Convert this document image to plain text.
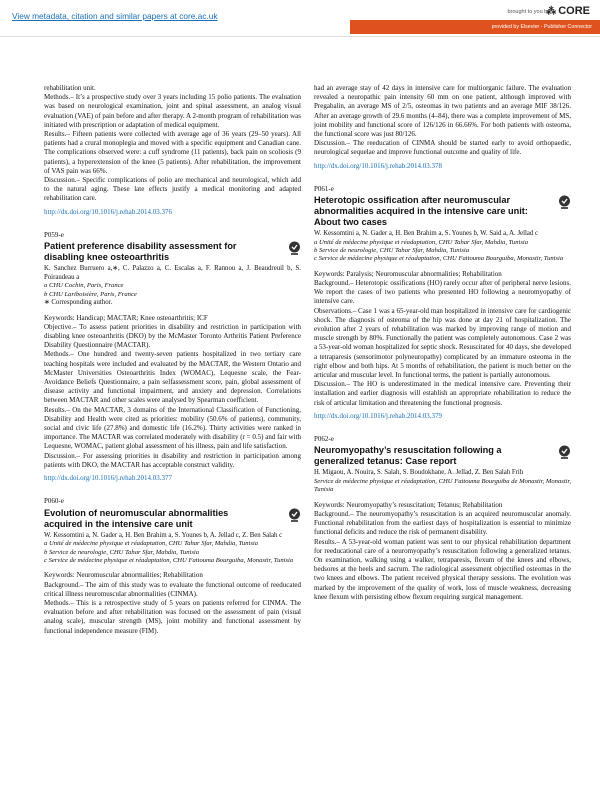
View metadata, citation and similar papers at core.ac.uk	brought to you by
⁂ CORE
provided by Elsevier - Publisher Connector

rehabilitation unit.

Methods.– It’s a prospective study over 3 years including 15 polio patients. The evaluation was based on neurological examination, joint and spinal assessment, an analog visual evaluation (VAE) of pain before and after therapy. A 2-month program of rehabilitation was initiated with prescription or adaptation of medical equipment.

Results.– Fifteen patients were collected with average age of 36 years (29–50 years). All patients had a crural monoplegia and moved with a specific equipment and Canadian cane. The complications observed were: a cuff syndrome (11 patients), back pain on scoliosis (9 patients), a hyperextension of the knee (5 patients). After rehabilitation, the improvement of VAS pain was 66%.

Discussion.– Specific complications of polio are mechanical and neurological, which add to the natural aging. These late effects justify a medical monitoring and adapted rehabilitation care.

http://dx.doi.org/10.1016/j.rehab.2014.03.376
P059-e
Patient preference disability assessment for disabling knee osteoarthritis

K. Sanchez Burruero a,∗, C. Palazzo a, C. Escalas a, F. Rannou a, J. Beaudreuil b, S. Poiraudeau a

a CHU Cochin, Paris, France

b CHU Lariboisière, Paris, France

∗ Corresponding author.

Keywords: Handicap; MACTAR; Knee osteoarthritis; ICF

Objective.– To assess patient priorities in disability and restriction in participation with disabling knee osteoarthritis (DKO) by the McMaster Toronto Arthritis Patient Preference Disability Questionnaire (MACTAR).

Methods.– One hundred and twenty-seven patients hospitalized in two tertiary care teaching hospitals were included and evaluated by the MACTAR, the Western Ontario and McMaster Universities Osteoarthritis Index (WOMAC), Lequesne scale, the Fear-Avoidance Beliefs Questionnaire, a pain selfassessment score, pain, global assessment of disease activity and functional impairment, and anxiety and depression. Correlations between MACTAR and other scales were analysed by Spearman coefficient.

Results.– On the MACTAR, 3 domains of the International Classification of Functioning, Disability and Health were cited as priorities: mobility (50.6% of patients), community, social and civic life (27.8%) and domestic life (16.2%). Thirty activities were ranked in importance. The MACTAR was correlated moderately with disability (r = 0.5) and fair with Lequesne, WOMAC, patient global assessment of his illness, pain and life satisfaction.

Discussion.– For assessing priorities in disability and restriction in participation among patients with DKO, the MACTAR has acceptable construct validity.

http://dx.doi.org/10.1016/j.rehab.2014.03.377
P060-e
Evolution of neuromuscular abnormalities acquired in the intensive care unit

W. Kessomtini a, N. Gader a, H. Ben Brahim a, S. Younes b, A. Jellad c, Z. Ben Salah c

a Unité de médecine physique et réadaptation, CHU Tahar Sfar, Mahdia, Tunisia

b Service de neurologie, CHU Tahar Sfar, Mahdia, Tunisia

c Service de médecine physique et réadaptation, CHU Fattouma Bourguiba, Monastir, Tunisia

Keywords: Neuromuscular abnormalities; Rehabilitation

Background.– The aim of this study was to evaluate the functional outcome of reeducated critical illness neuromuscular abnormalities (CINMA).

Methods.– This is a retrospective study of 5 years on patients referred for CINMA. The evaluation before and after rehabilitation was focused on the assessment of pain (visual analog scale), muscular strength (MS), joint mobility and functional assessment by functional independence measure (FIM).

had an average stay of 42 days in intensive care for multiorganic failure. The evaluation revealed a neuropathic pain intensity 60 mm on one patient, although improved with Pregabalin, an average MS of 2/5, osteomas in two patients and an average MIF 38/126. After an average growth of 29.6 months (4–84), there was a complete improvement of MS, joint mobility and functional score of 126/126 in 66.66%. For both patients with osteoma, the functional score was just 80/126.

Discussion.– The reeducation of CINMA should be started early to avoid orthopaedic, neurological sequelae and improve functional outcome and quality of life.

http://dx.doi.org/10.1016/j.rehab.2014.03.378
P061-e
Heterotopic ossification after neuromuscular abnormalities acquired in the intensive care unit: About two cases

W. Kessomtini a, N. Gader a, H. Ben Brahim a, S. Younes b, W. Said a, A. Jellad c

a Unité de médecine physique et réadaptation, CHU Tahar Sfar, Mahdia, Tunisia

b Service de neurologie, CHU Tahar Sfar, Mahdia, Tunisia

c Service de médecine physique et réadaptation, CHU Fattouma Bourguiba, Monastir, Tunisia

Keywords: Paralysis; Neuromuscular abnormalities; Rehabilitation

Background.– Heterotopic ossifications (HO) rarely occur after of peripheral nerve lesions. We report the cases of two patients who presented HO following a neuromyopathy of intensive care.

Observations.– Case 1 was a 65-year-old man hospitalized in intensive care for cardiogenic shock. The diagnosis of osteoma of the hip was done at day 21 of hospitalization. The evolution after 2 years of rehabilitation was marked by improving range of motion and muscle strength by 80%. Functionally the patient was completely autonomous. Case 2 was a 53-year-old woman hospitalized for septic shock. Resuscitated for 40 days, she developed a tetraparesis (sensorimotor polyneuropathy) complicated by an immature osteoma in the right elbow and both hips. At 5 months of rehabilitation, the patient is much better on the articular and muscular level. In functional terms, the patient is partially autonomous.

Discussion.– The HO is underestimated in the medical intensive care. Preventing their installation and earlier diagnosis will establish an appropriate rehabilitation to reduce the risk of articular limitation and threatening the functional prognosis.

http://dx.doi.org/10.1016/j.rehab.2014.03.379
P062-e
Neuromyopathy’s resuscitation following a generalized tetanus: Case report

H. Migaou, A. Nouira, S. Salah, S. Boudokhane, A. Jellad, Z. Ben Salah Frih

Service de médecine physique et réadaptation, CHU Fattouma Bourguiba de Monastir, Monastir, Tunisia

Keywords: Neuromyopathy’s resuscitation; Tetanus; Rehabilitation

Background.– The neuromyopathy’s resuscitation is an acquired neuromuscular anomaly. Functional rehabilitation from the earliest days of hospitalization is essential to minimize functional deficits and reduce the risk of permanent disability.

Results.– A 53-year-old woman patient was sent to our physical rehabilitation department for reeducational care of a neuromyopathy’s resuscitation following a generalized tetanus. On examination, walking using a walker, tetraparesis, flexum of the knees and elbows, bedsores at the heels and sacrum. The radiological assessment objectified osteomas in the two knees and elbows. The patient received physical therapy sessions. The evolution was marked by the improvement of the quality of work, loss of muscle weakness, decreasing knee flexum with persisting elbow flexum requiring surgical management.
